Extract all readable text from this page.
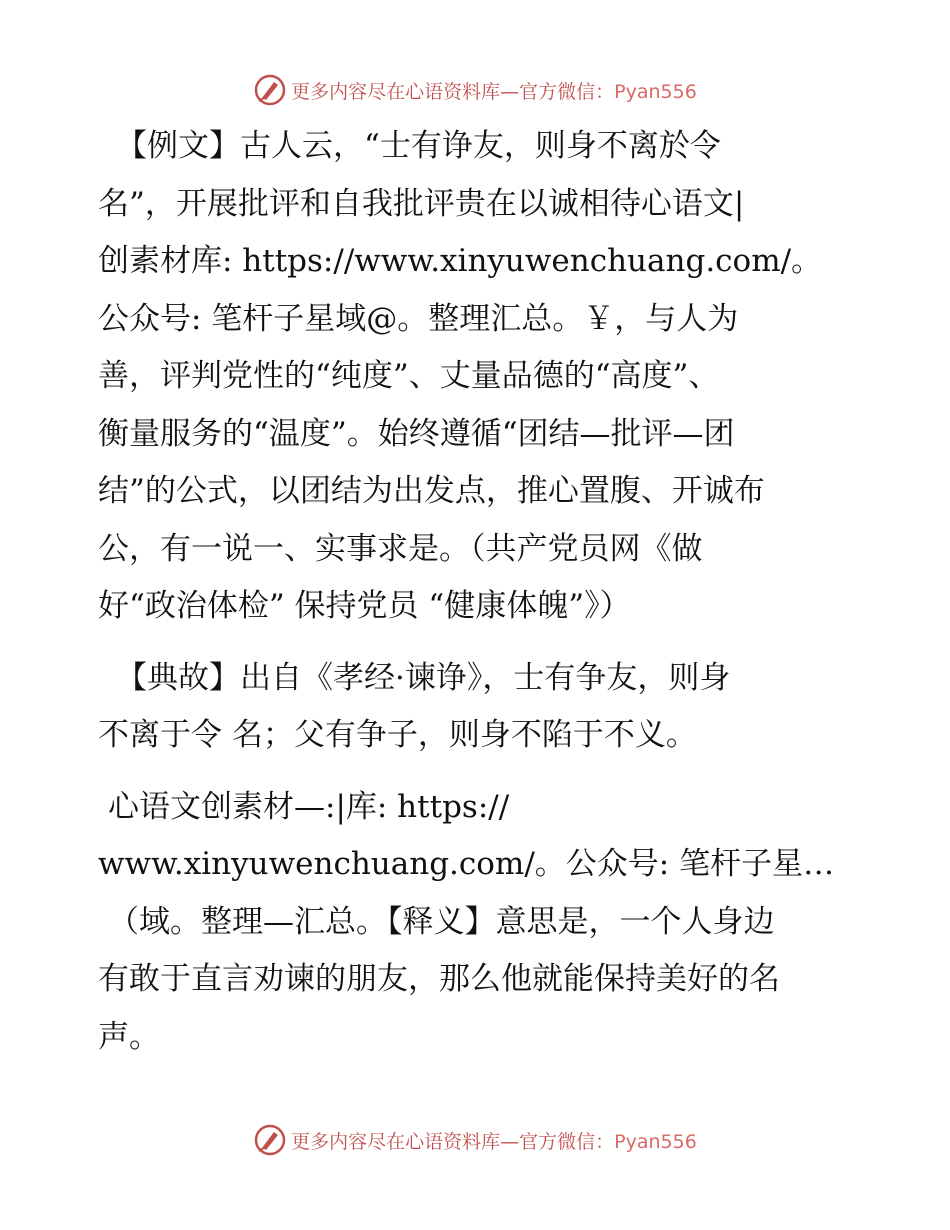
更多内容尽在心语资料库—官方微信：Pyan556
【例文】古人云，“士有诤友，则身不离於令
名”，开展批评和自我批评贵在以诚相待心语文|
创素材库: https://www.xinyuwenchuang.com/。
公众号: 笔杆子星域@。整理汇总。￥，与人为
善，评判党性的“纯度”、丈量品德的“高度”、
衡量服务的“温度”。始终遵循“团结—批评—团
结”的公式，以团结为出发点，推心置腹、开诚布
公，有一说一、实事求是。（共产党员网《做
好“政治体检” 保持党员 “健康体魄”》）
【典故】出自《孝经·谏诤》，士有争友，则身
不离于令 名；父有争子，则身不陷于不义。
心语文创素材—:|库: https://
www.xinyuwenchuang.com/。公众号: 笔杆子星…
（域。整理—汇总。【释义】意思是，一个人身边
有敢于直言劝谏的朋友，那么他就能保持美好的名
声。
更多内容尽在心语资料库—官方微信：Pyan556
